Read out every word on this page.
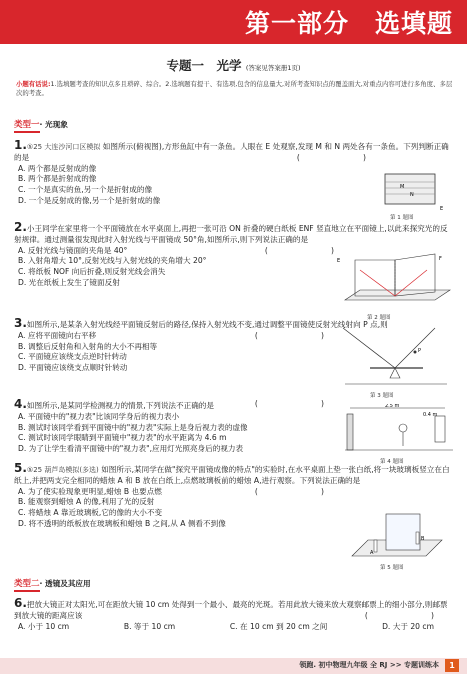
第一部分　选填题
专题一　光学 (答案见答案册1页)
小题有话说:1.选填题考查的知识点多且琐碎、综合。2.选填题有提干、有选项,包含的信息量大,对所考查知识点的覆盖面大,对重点内容可进行多角度、多层次的考查。
类型一· 光现象
1.⑤25 大连沙河口区模拟 如图所示(俯视图),方形鱼缸中有一条鱼。人眼在 E 处观察,发现 M 和 N 两处各有一条鱼。下列判断正确的是	(　　)
A. 两个都是反射成的像
B. 两个都是折射成的像
C. 一个是真实的鱼,另一个是折射成的像
D. 一个是反射成的像,另一个是折射成的像
M
N
E
第 1 题图
2.小王同学在家里将一个平面镜放在水平桌面上,再把一张可沿 ON 折叠的硬白纸板 ENF 竖直地立在平面镜上,以此来探究光的反射规律。通过测量很发现此时入射光线与平面镜成 50°角,如图所示,则下列说法正确的是
(　　)
A. 反射光线与镜面的夹角是 40°
B. 入射角增大 10°,反射光线与入射光线的夹角增大 20°
C. 将纸板 NOF 向后折叠,则反射光线会消失
D. 光在纸板上发生了镜面反射
E	F
第 2 题图
3.如图所示,是某条入射光线经平面镜反射后的路径,保持入射光线不变,通过调整平面镜使反射光线射向 P 点,则
(　　)
A. 应将平面镜向右平移
B. 调整后反射角和入射角的大小不再相等
C. 平面镜应该绕支点逆时针转动
D. 平面镜应该绕支点顺时针转动
P
第 3 题图
4.如图所示,是某同学检测视力的情景,下列说法不正确的是	(　　)
A. 平面镜中的"视力表"比该同学身后的视力表小
B. 测试时该同学看到平面镜中的"视力表"实际上是身后视力表的虚像
C. 测试时该同学眼睛到平面镜中"视力表"的水平距离为 4.6 m
D. 为了让学生看清平面镜中的"视力表",应用灯光照亮身后的视力表
2.5 m
0.4 m
第 4 题图
5.⑤25 葫芦岛模拟(多选) 如图所示,某同学在做"探究平面镜成像的特点"的实验时,在水平桌面上垫一张白纸,将一块玻璃板竖立在白纸上,并把两支完全相同的蜡烛 A 和 B 放在白纸上,点燃玻璃板前的蜡烛 A,进行观察。下列说法正确的是
(　　)
A. 为了使实验现象更明显,蜡烛 B 也要点燃
B. 能观察到蜡烛 A 的像,利用了光的反射
C. 将蜡烛 A 靠近玻璃板,它的像的大小不变
D. 将不透明的纸板放在玻璃板和蜡烛 B 之间,从 A 侧看不到像
A
B
第 5 题图
类型二· 透镜及其应用
6.把放大镜正对太阳光,可在距放大镜 10 cm 处得到一个最小、最亮的光斑。若用此放大镜来放大观察邮票上的细小部分,则邮票到放大镜的距离应该	(　　)
A. 小于 10 cm	B. 等于 10 cm	C. 在 10 cm 到 20 cm 之间	D. 大于 20 cm
领跑. 初中物理九年级 全 RJ >> 专题训练本	1
